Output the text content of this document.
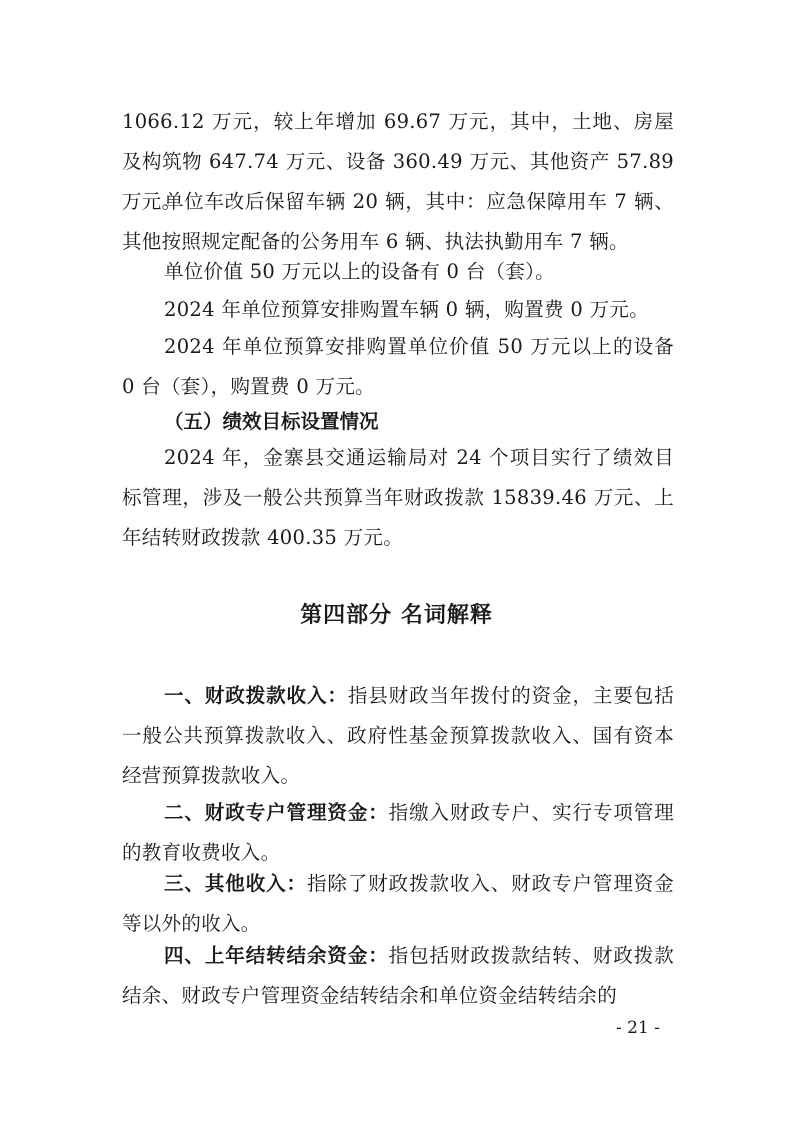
1066.12 万元，较上年增加 69.67 万元，其中，土地、房屋及构筑物 647.74 万元、设备 360.49 万元、其他资产 57.89 万元。

单位车改后保留车辆 20 辆，其中：应急保障用车 7 辆、其他按照规定配备的公务用车 6 辆、执法执勤用车 7 辆。

单位价值 50 万元以上的设备有 0 台（套）。

2024 年单位预算安排购置车辆 0 辆，购置费 0 万元。

2024 年单位预算安排购置单位价值 50 万元以上的设备 0 台（套），购置费 0 万元。

（五）绩效目标设置情况

2024 年，金寨县交通运输局对 24 个项目实行了绩效目标管理，涉及一般公共预算当年财政拨款 15839.46 万元、上年结转财政拨款 400.35 万元。

第四部分 名词解释

一、财政拨款收入：指县财政当年拨付的资金，主要包括一般公共预算拨款收入、政府性基金预算拨款收入、国有资本经营预算拨款收入。

二、财政专户管理资金：指缴入财政专户、实行专项管理的教育收费收入。

三、其他收入：指除了财政拨款收入、财政专户管理资金等以外的收入。

四、上年结转结余资金：指包括财政拨款结转、财政拨款结余、财政专户管理资金结转结余和单位资金结转结余的

- 21 -
